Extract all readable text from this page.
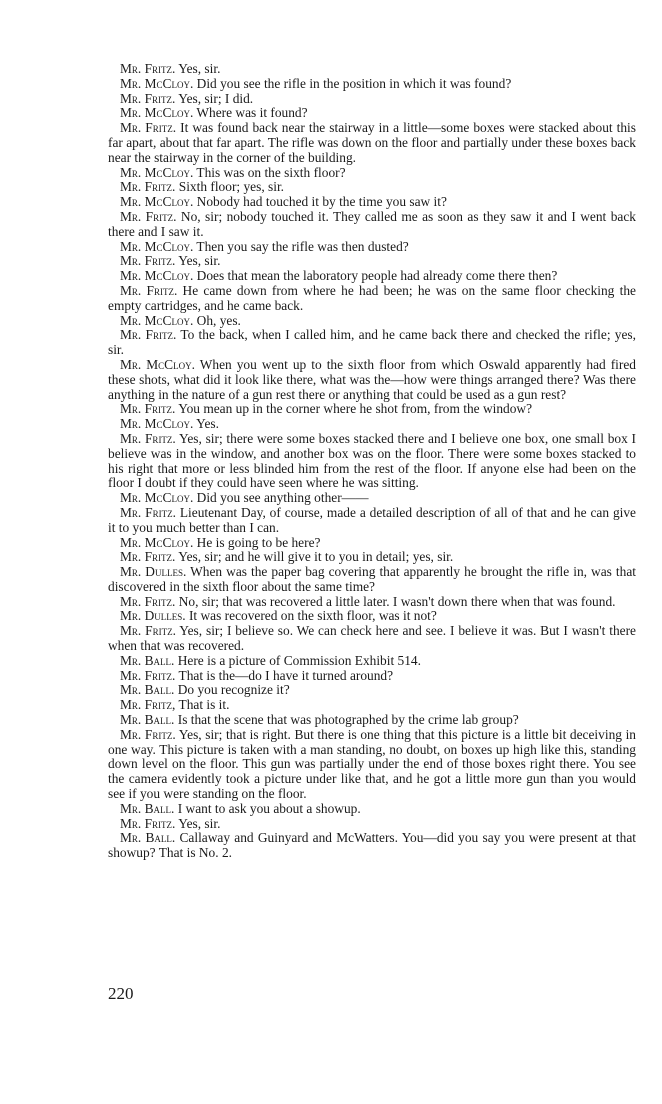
Mr. Fritz. Yes, sir.

Mr. McCloy. Did you see the rifle in the position in which it was found?

Mr. Fritz. Yes, sir; I did.

Mr. McCloy. Where was it found?

Mr. Fritz. It was found back near the stairway in a little—some boxes were stacked about this far apart, about that far apart. The rifle was down on the floor and partially under these boxes back near the stairway in the corner of the building.

Mr. McCloy. This was on the sixth floor?

Mr. Fritz. Sixth floor; yes, sir.

Mr. McCloy. Nobody had touched it by the time you saw it?

Mr. Fritz. No, sir; nobody touched it. They called me as soon as they saw it and I went back there and I saw it.

Mr. McCloy. Then you say the rifle was then dusted?

Mr. Fritz. Yes, sir.

Mr. McCloy. Does that mean the laboratory people had already come there then?

Mr. Fritz. He came down from where he had been; he was on the same floor checking the empty cartridges, and he came back.

Mr. McCloy. Oh, yes.

Mr. Fritz. To the back, when I called him, and he came back there and checked the rifle; yes, sir.

Mr. McCloy. When you went up to the sixth floor from which Oswald apparently had fired these shots, what did it look like there, what was the—how were things arranged there? Was there anything in the nature of a gun rest there or anything that could be used as a gun rest?

Mr. Fritz. You mean up in the corner where he shot from, from the window?

Mr. McCloy. Yes.

Mr. Fritz. Yes, sir; there were some boxes stacked there and I believe one box, one small box I believe was in the window, and another box was on the floor. There were some boxes stacked to his right that more or less blinded him from the rest of the floor. If anyone else had been on the floor I doubt if they could have seen where he was sitting.

Mr. McCloy. Did you see anything other——

Mr. Fritz. Lieutenant Day, of course, made a detailed description of all of that and he can give it to you much better than I can.

Mr. McCloy. He is going to be here?

Mr. Fritz. Yes, sir; and he will give it to you in detail; yes, sir.

Mr. Dulles. When was the paper bag covering that apparently he brought the rifle in, was that discovered in the sixth floor about the same time?

Mr. Fritz. No, sir; that was recovered a little later. I wasn't down there when that was found.

Mr. Dulles. It was recovered on the sixth floor, was it not?

Mr. Fritz. Yes, sir; I believe so. We can check here and see. I believe it was. But I wasn't there when that was recovered.

Mr. Ball. Here is a picture of Commission Exhibit 514.

Mr. Fritz. That is the—do I have it turned around?

Mr. Ball. Do you recognize it?

Mr. Fritz, That is it.

Mr. Ball. Is that the scene that was photographed by the crime lab group?

Mr. Fritz. Yes, sir; that is right. But there is one thing that this picture is a little bit deceiving in one way. This picture is taken with a man standing, no doubt, on boxes up high like this, standing down level on the floor. This gun was partially under the end of those boxes right there. You see the camera evidently took a picture under like that, and he got a little more gun than you would see if you were standing on the floor.

Mr. Ball. I want to ask you about a showup.

Mr. Fritz. Yes, sir.

Mr. Ball. Callaway and Guinyard and McWatters. You—did you say you were present at that showup? That is No. 2.

220
